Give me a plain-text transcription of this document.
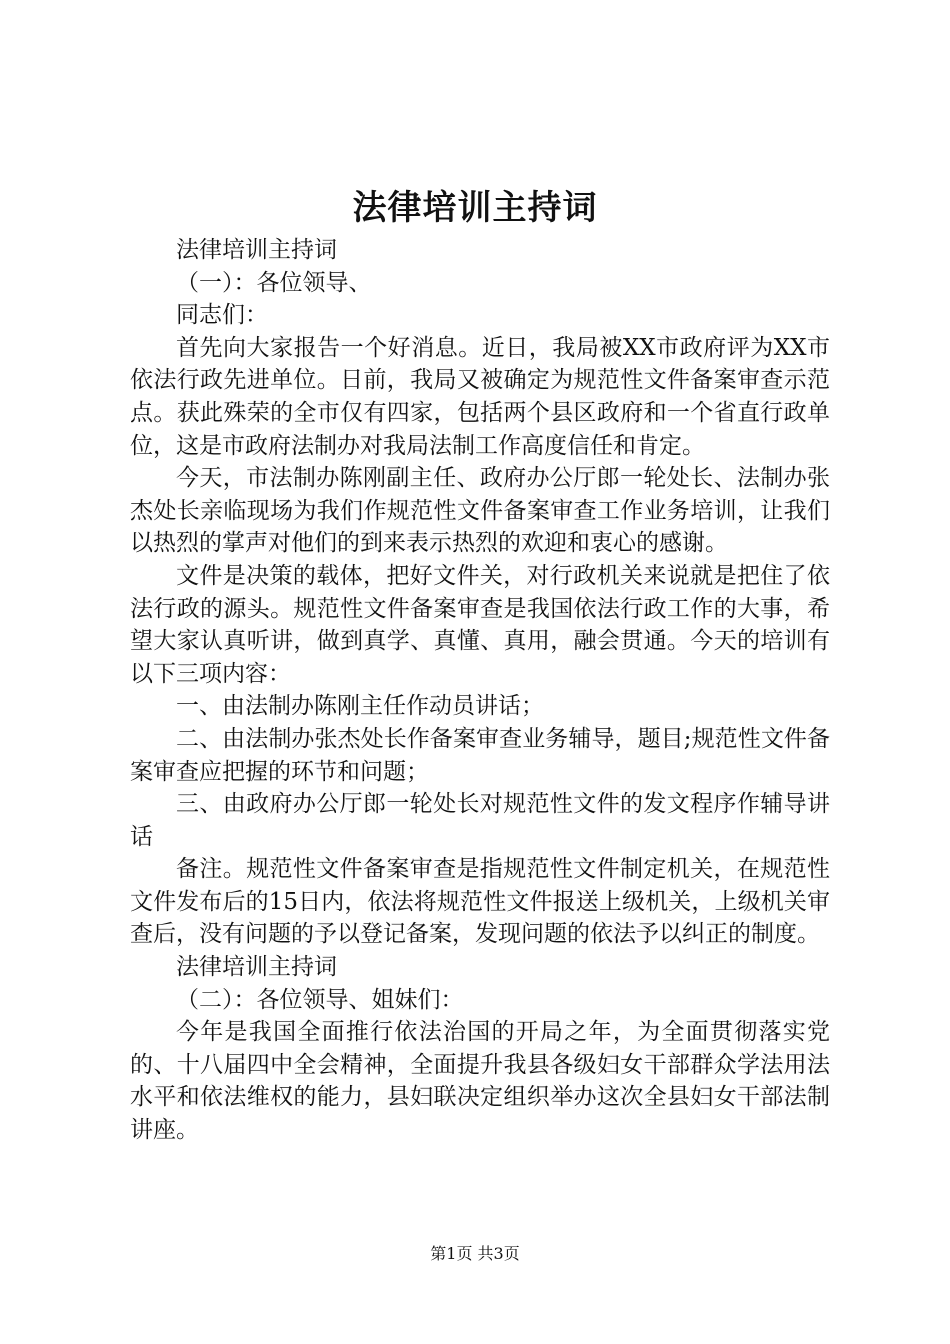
法律培训主持词

法律培训主持词

（一）：各位领导、

同志们：

首先向大家报告一个好消息。近日，我局被XX市政府评为XX市依法行政先进单位。日前，我局又被确定为规范性文件备案审查示范点。获此殊荣的全市仅有四家，包括两个县区政府和一个省直行政单位，这是市政府法制办对我局法制工作高度信任和肯定。

今天，市法制办陈刚副主任、政府办公厅郎一轮处长、法制办张杰处长亲临现场为我们作规范性文件备案审查工作业务培训，让我们以热烈的掌声对他们的到来表示热烈的欢迎和衷心的感谢。

文件是决策的载体，把好文件关，对行政机关来说就是把住了依法行政的源头。规范性文件备案审查是我国依法行政工作的大事，希望大家认真听讲，做到真学、真懂、真用，融会贯通。今天的培训有以下三项内容：

一、由法制办陈刚主任作动员讲话；

二、由法制办张杰处长作备案审查业务辅导，题目;规范性文件备案审查应把握的环节和问题；

三、由政府办公厅郎一轮处长对规范性文件的发文程序作辅导讲话

备注。规范性文件备案审查是指规范性文件制定机关，在规范性文件发布后的15日内，依法将规范性文件报送上级机关，上级机关审查后，没有问题的予以登记备案，发现问题的依法予以纠正的制度。

法律培训主持词

（二）：各位领导、姐妹们：

今年是我国全面推行依法治国的开局之年，为全面贯彻落实党的、十八届四中全会精神，全面提升我县各级妇女干部群众学法用法水平和依法维权的能力，县妇联决定组织举办这次全县妇女干部法制讲座。

第1页 共3页
